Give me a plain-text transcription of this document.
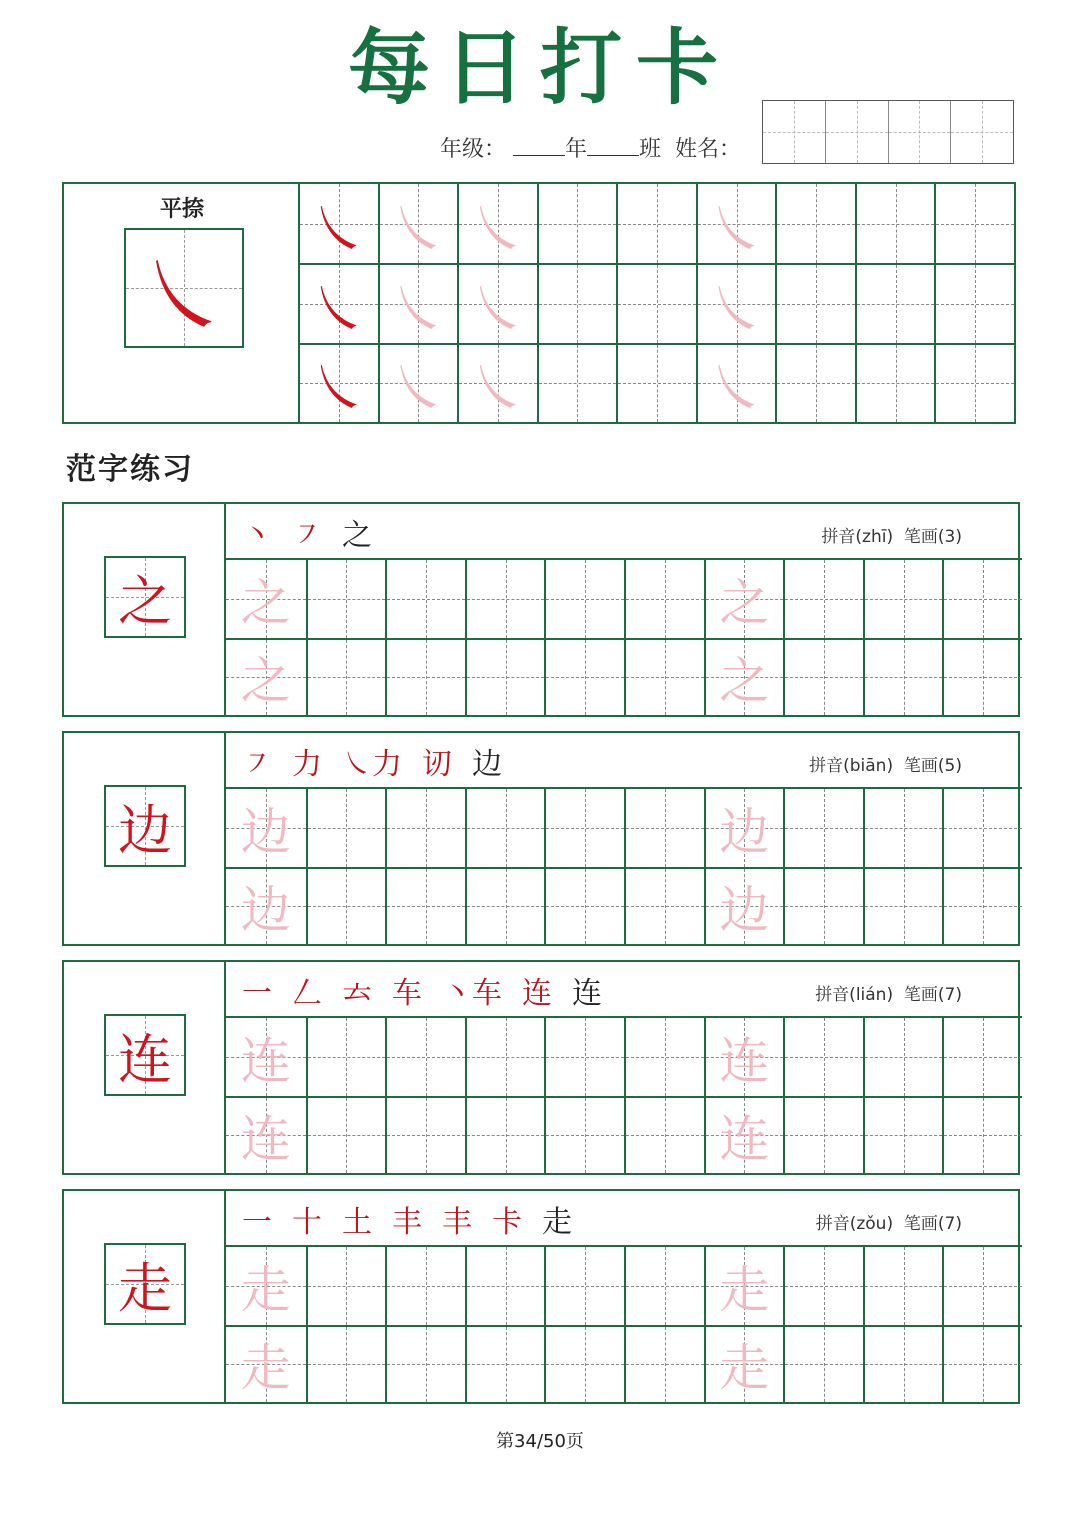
每日打卡
年级：	年 班 姓名：
平捺
㇏
㇏ ㇏ ㇏	㇏
㇏ ㇏ ㇏	㇏
㇏ ㇏ ㇏	㇏
范字练习
之
丶 ㇇ 之	拼音(zhī) 笔画(3)
之	之
之	之
边
㇇ 力 ㇏力 讱 边	拼音(biān) 笔画(5)
边	边
边	边
连
一 𠃋 𠫓 车 丶车 连 连	拼音(lián) 笔画(7)
连	连
连	连
走
一 十 土 丰 丰 卡 走	拼音(zǒu) 笔画(7)
走	走
走	走
第34/50页
